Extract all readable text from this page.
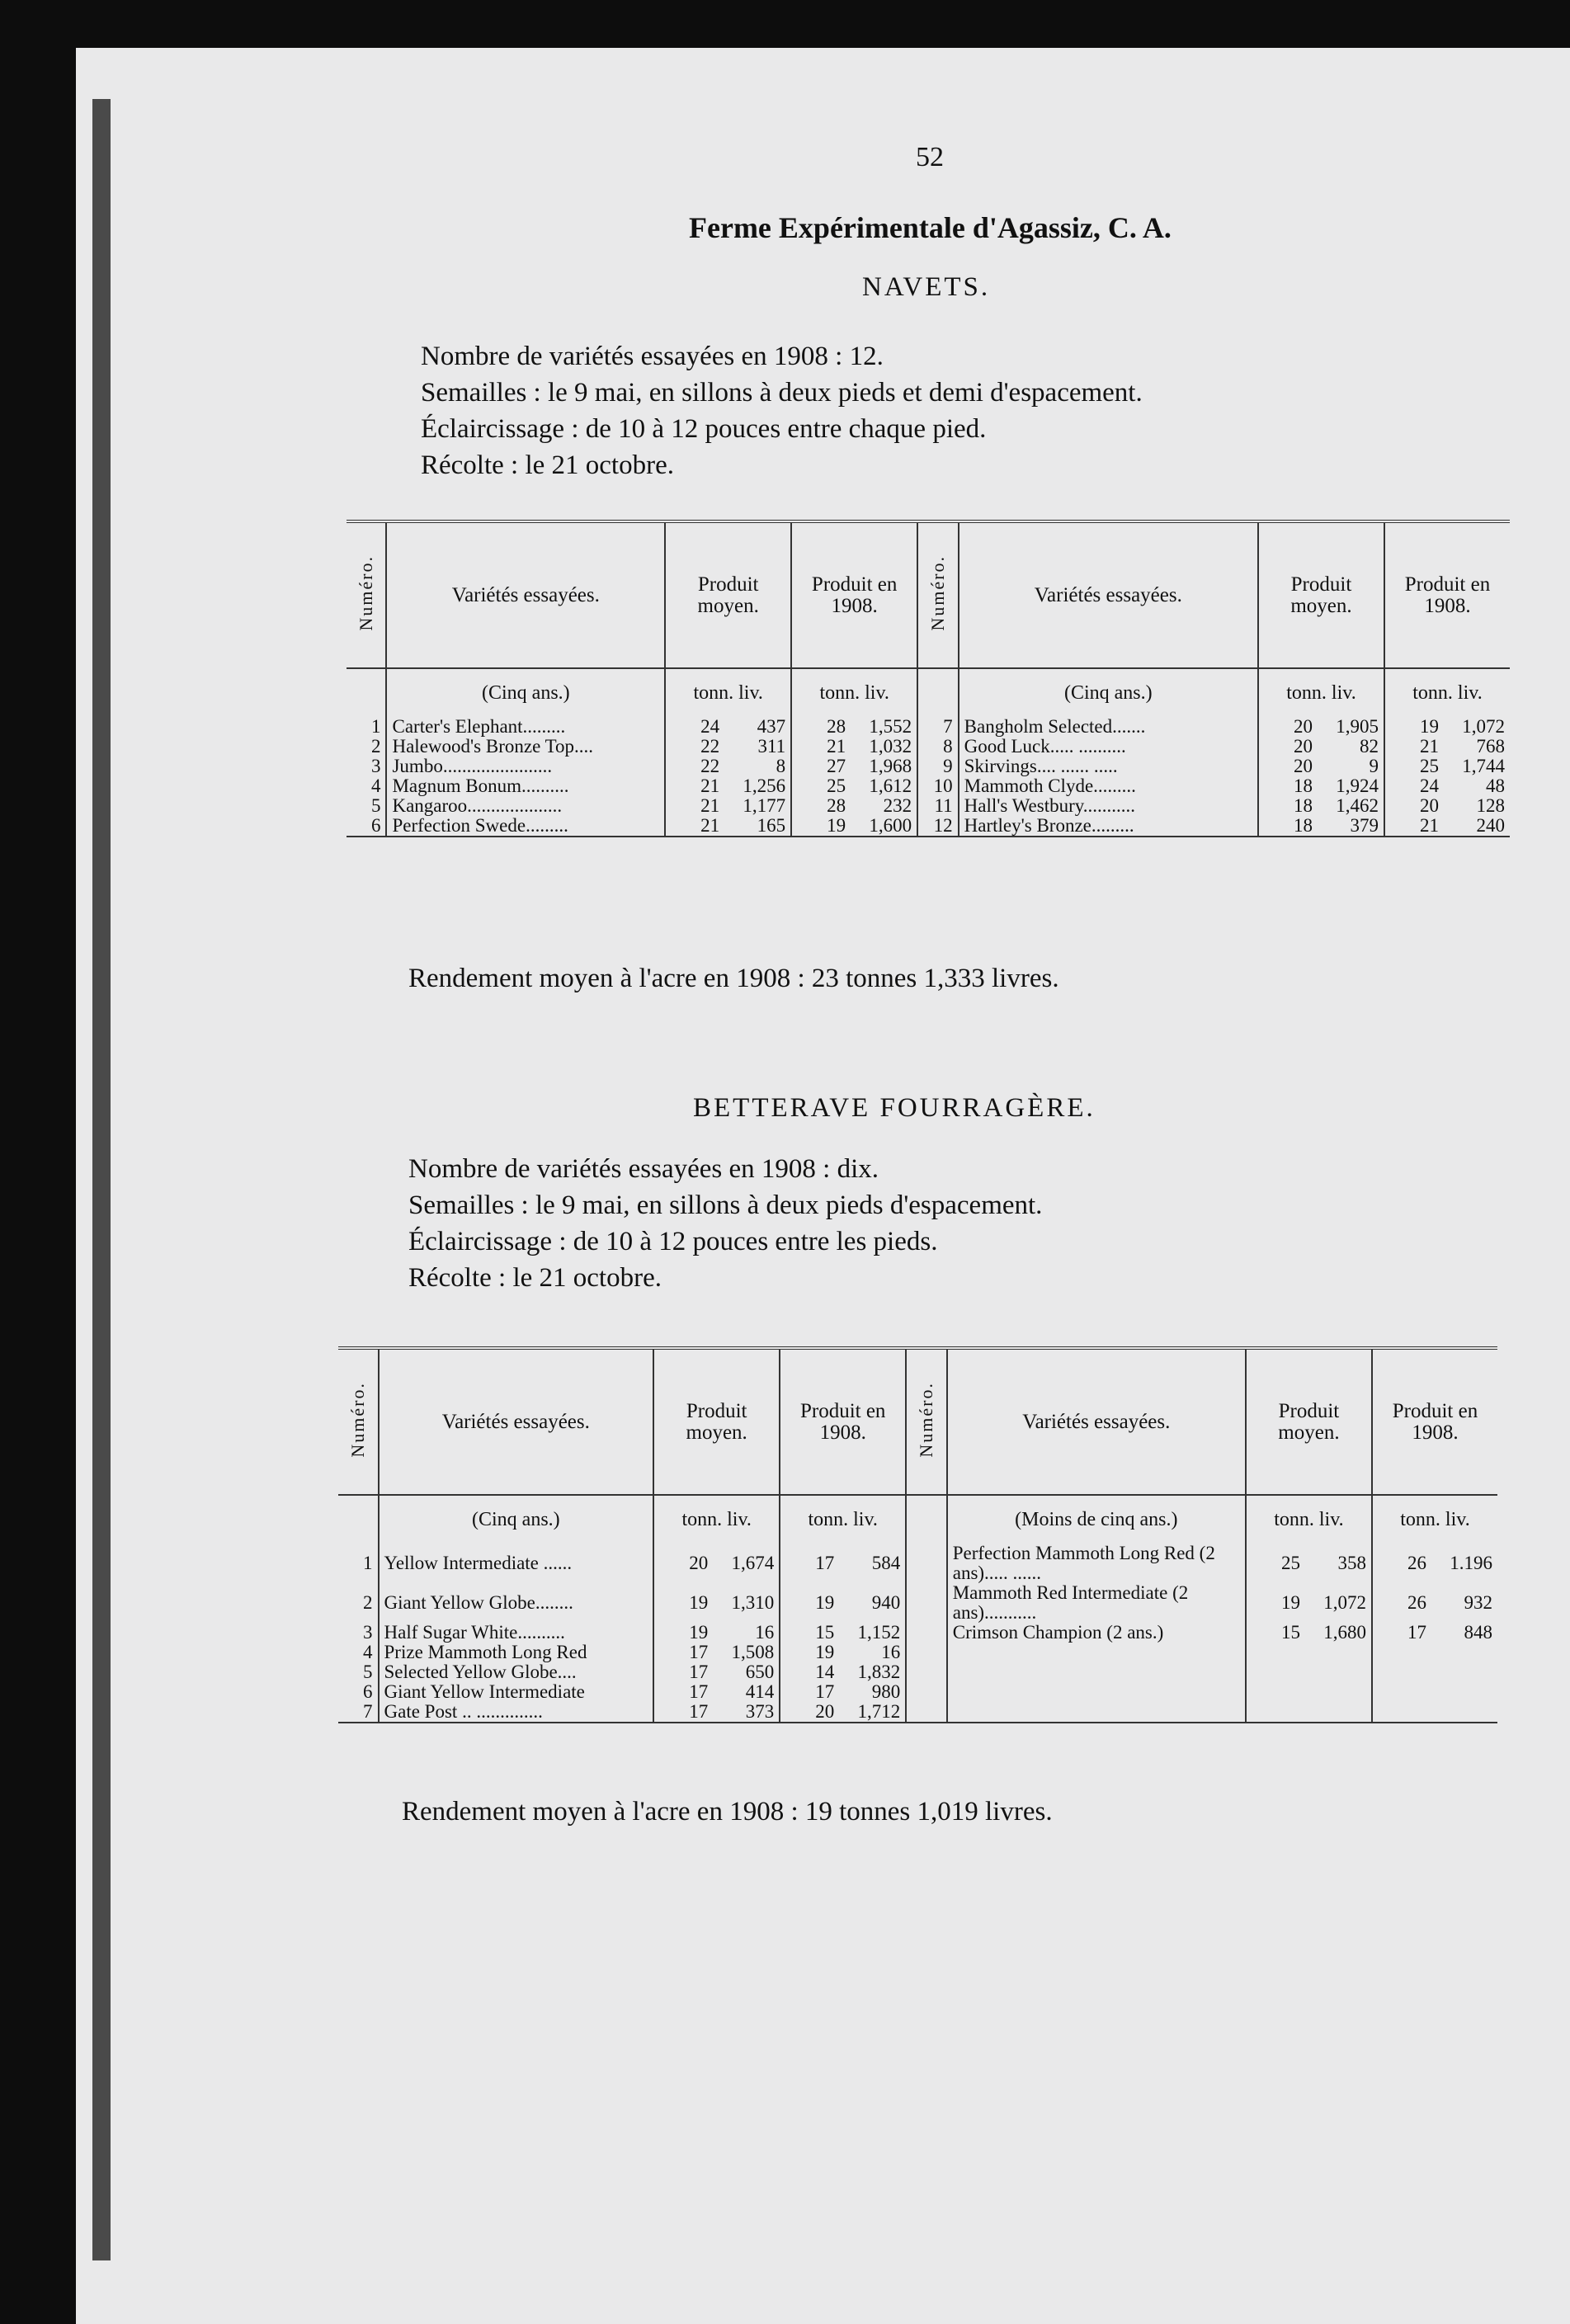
52
Ferme Expérimentale d'Agassiz, C. A.
NAVETS.
Nombre de variétés essayées en 1908 : 12.
Semailles : le 9 mai, en sillons à deux pieds et demi d'espacement.
Éclaircissage : de 10 à 12 pouces entre chaque pied.
Récolte : le 21 octobre.
Numéro.	Variétés essayées.	Produit moyen.	Produit en 1908.	Numéro.	Variétés essayées.	Produit moyen.	Produit en 1908.
	(Cinq ans.)	tonn. liv.	tonn. liv.		(Cinq ans.)	tonn. liv.	tonn. liv.
1	Carter's Elephant.........	24 437	28 1,552	7	Bangholm Selected.......	20 1,905	19 1,072
2	Halewood's Bronze Top....	22 311	21 1,032	8	Good Luck..... ..........	20 82	21 768
3	Jumbo.......................	22 8	27 1,968	9	Skirvings.... ...... .....	20 9	25 1,744
4	Magnum Bonum..........	21 1,256	25 1,612	10	Mammoth Clyde.........	18 1,924	24 48
5	Kangaroo....................	21 1,177	28 232	11	Hall's Westbury...........	18 1,462	20 128
6	Perfection Swede.........	21 165	19 1,600	12	Hartley's Bronze.........	18 379	21 240

Rendement moyen à l'acre en 1908 : 23 tonnes 1,333 livres.
BETTERAVE FOURRAGÈRE.
Nombre de variétés essayées en 1908 : dix.
Semailles : le 9 mai, en sillons à deux pieds d'espacement.
Éclaircissage : de 10 à 12 pouces entre les pieds.
Récolte : le 21 octobre.
Numéro.	Variétés essayées.	Produit moyen.	Produit en 1908.	Numéro.	Variétés essayées.	Produit moyen.	Produit en 1908.
	(Cinq ans.)	tonn. liv.	tonn. liv.		(Moins de cinq ans.)	tonn. liv.	tonn. liv.
1	Yellow Intermediate ......	20 1,674	17 584		Perfection Mammoth Long Red (2 ans)..... ......	25 358	26 1.196
2	Giant Yellow Globe........	19 1,310	19 940		Mammoth Red Intermediate (2 ans)...........	19 1,072	26 932
3	Half Sugar White..........	19 16	15 1,152		Crimson Champion (2 ans.)	15 1,680	17 848
4	Prize Mammoth Long Red	17 1,508	19 16				
5	Selected Yellow Globe....	17 650	14 1,832				
6	Giant Yellow Intermediate	17 414	17 980				
7	Gate Post .. ..............	17 373	20 1,712				

Rendement moyen à l'acre en 1908 : 19 tonnes 1,019 livres.
